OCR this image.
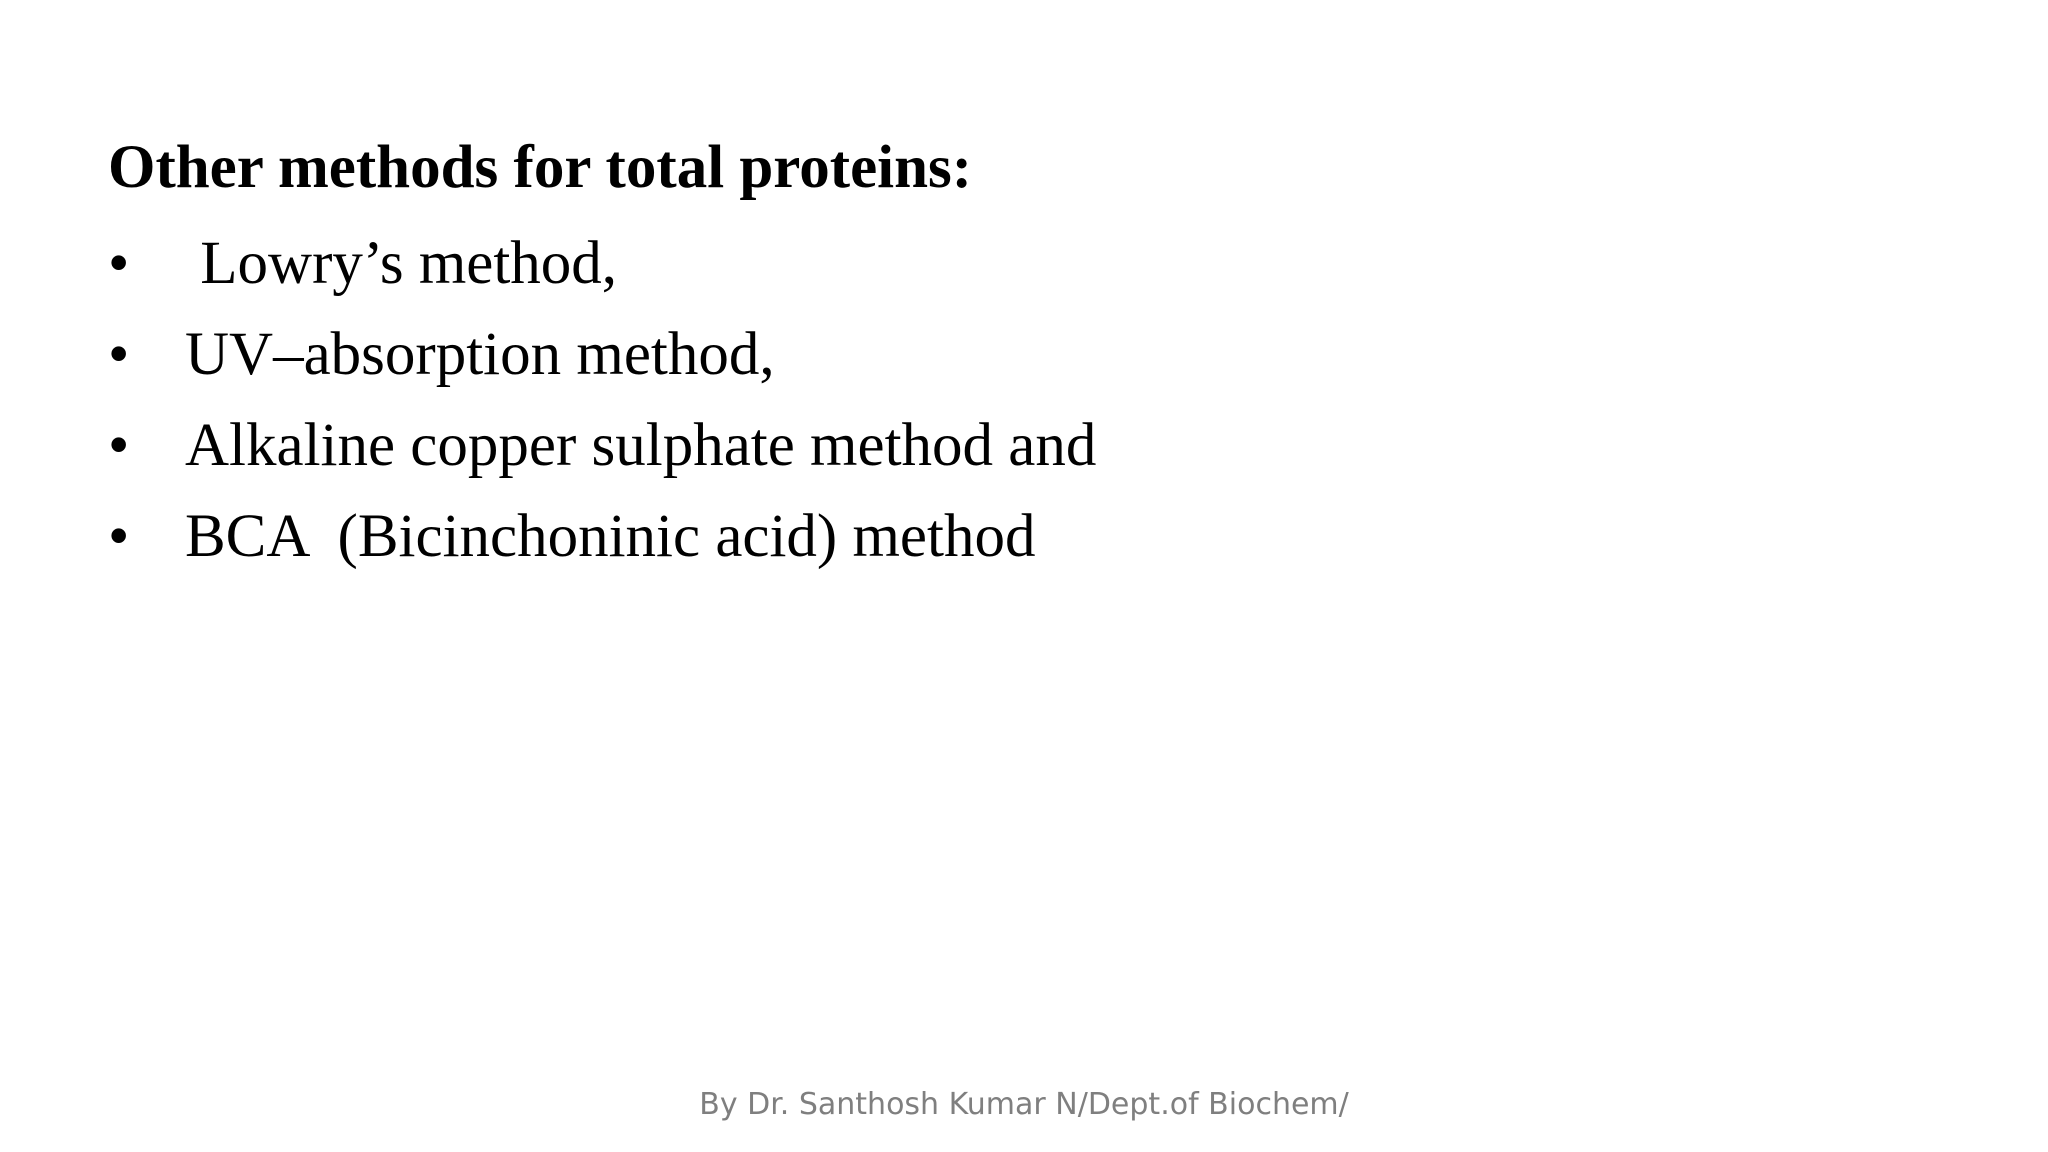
Other methods for total proteins:
• Lowry’s method,
• UV–absorption method,
• Alkaline copper sulphate method and
• BCA  (Bicinchoninic acid) method
By Dr. Santhosh Kumar N/Dept.of Biochem/
